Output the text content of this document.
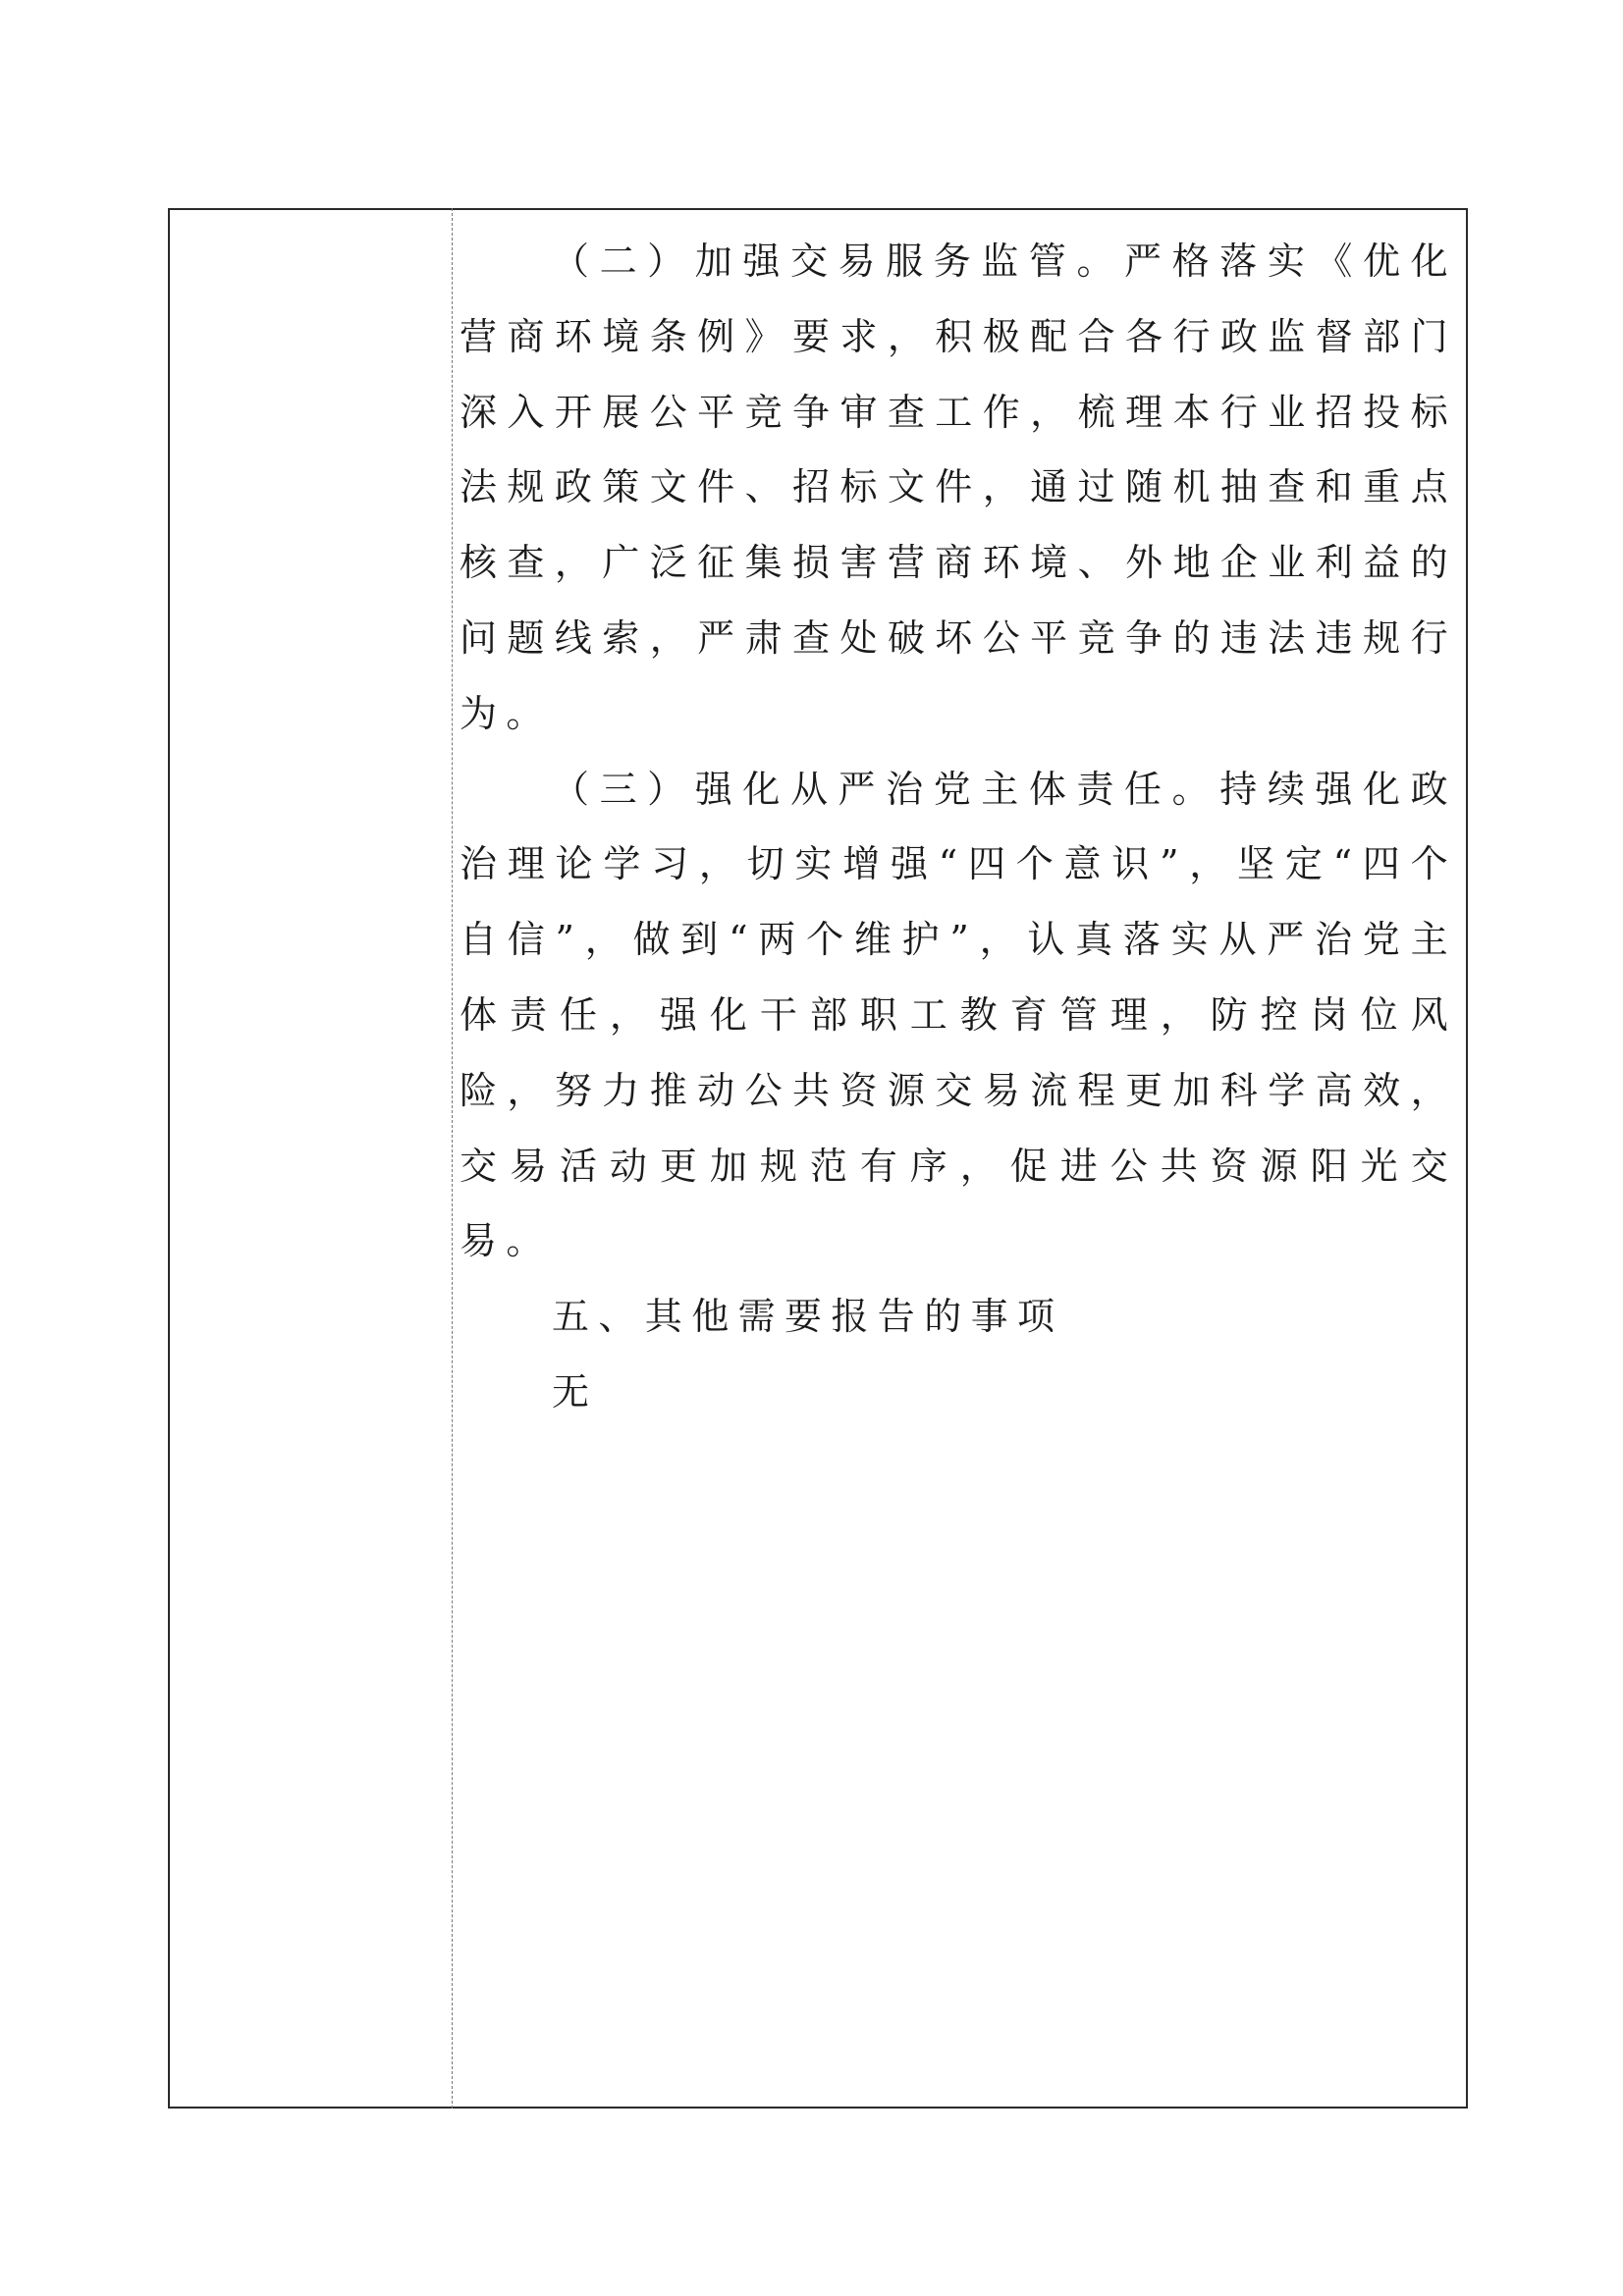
（二）加强交易服务监管。严格落实《优化营商环境条例》要求，积极配合各行政监督部门深入开展公平竞争审查工作，梳理本行业招投标法规政策文件、招标文件，通过随机抽查和重点核查，广泛征集损害营商环境、外地企业利益的问题线索，严肃查处破坏公平竞争的违法违规行为。

（三）强化从严治党主体责任。持续强化政治理论学习，切实增强“四个意识”，坚定“四个自信”，做到“两个维护”，认真落实从严治党主体责任，强化干部职工教育管理，防控岗位风险，努力推动公共资源交易流程更加科学高效，交易活动更加规范有序，促进公共资源阳光交易。

五、其他需要报告的事项

无
